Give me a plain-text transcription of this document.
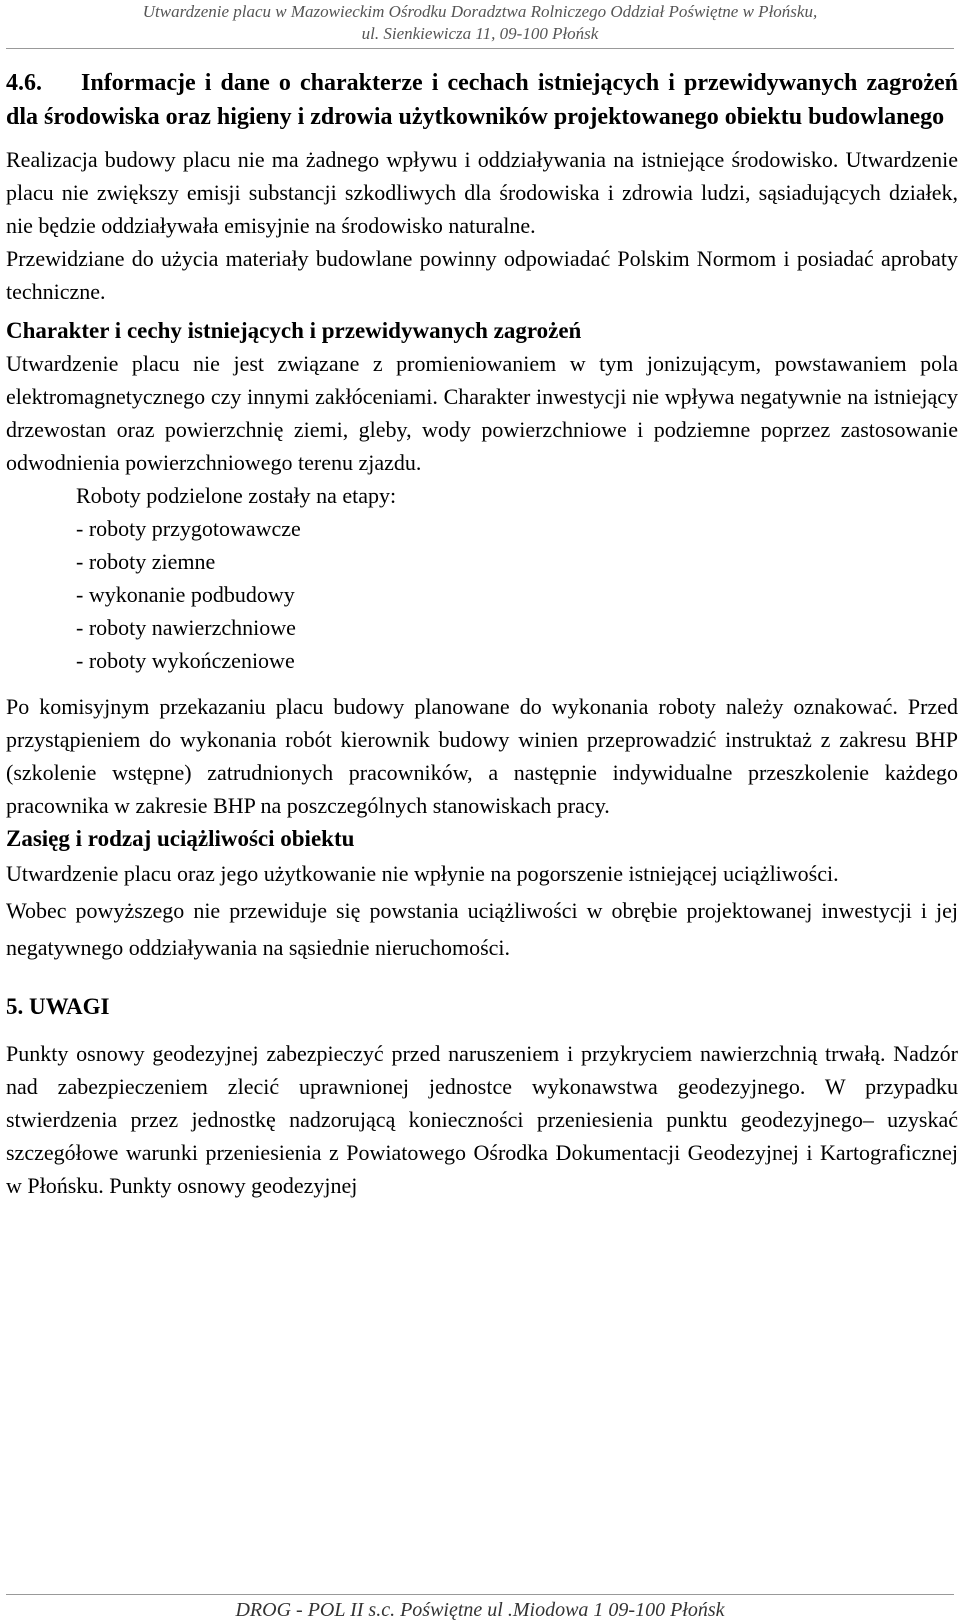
Utwardzenie placu w Mazowieckim Ośrodku Doradztwa Rolniczego Oddział Poświętne w Płońsku,
ul. Sienkiewicza 11, 09-100 Płońsk
4.6. Informacje i dane o charakterze i cechach istniejących i przewidywanych zagrożeń dla środowiska oraz higieny i zdrowia użytkowników projektowanego obiektu budowlanego

Realizacja budowy placu nie ma żadnego wpływu i oddziaływania na istniejące środowisko. Utwardzenie placu nie zwiększy emisji substancji szkodliwych dla środowiska i zdrowia ludzi, sąsiadujących działek, nie będzie oddziaływała emisyjnie na środowisko naturalne.

Przewidziane do użycia materiały budowlane powinny odpowiadać Polskim Normom i posiadać aprobaty techniczne.

Charakter i cechy istniejących i przewidywanych zagrożeń

Utwardzenie placu nie jest związane z promieniowaniem w tym jonizującym, powstawaniem pola elektromagnetycznego czy innymi zakłóceniami. Charakter inwestycji nie wpływa negatywnie na istniejący drzewostan oraz powierzchnię ziemi, gleby, wody powierzchniowe i podziemne poprzez zastosowanie odwodnienia powierzchniowego terenu zjazdu.

Roboty podzielone zostały na etapy:
- roboty przygotowawcze
- roboty ziemne
- wykonanie podbudowy
- roboty nawierzchniowe
- roboty wykończeniowe

Po komisyjnym przekazaniu placu budowy planowane do wykonania roboty należy oznakować. Przed przystąpieniem do wykonania robót kierownik budowy winien przeprowadzić instruktaż z zakresu BHP (szkolenie wstępne) zatrudnionych pracowników, a następnie indywidualne przeszkolenie każdego pracownika w zakresie BHP na poszczególnych stanowiskach pracy.

Zasięg i rodzaj uciążliwości obiektu

Utwardzenie placu oraz jego użytkowanie nie wpłynie na pogorszenie istniejącej uciążliwości.

Wobec powyższego nie przewiduje się powstania uciążliwości w obrębie projektowanej inwestycji i jej negatywnego oddziaływania na sąsiednie nieruchomości.

5. UWAGI

Punkty osnowy geodezyjnej zabezpieczyć przed naruszeniem i przykryciem nawierzchnią trwałą. Nadzór nad zabezpieczeniem zlecić uprawnionej jednostce wykonawstwa geodezyjnego. W przypadku stwierdzenia przez jednostkę nadzorującą konieczności przeniesienia punktu geodezyjnego– uzyskać szczegółowe warunki przeniesienia z Powiatowego Ośrodka Dokumentacji Geodezyjnej i Kartograficznej w Płońsku. Punkty osnowy geodezyjnej

DROG - POL II s.c. Poświętne ul .Miodowa 1 09-100 Płońsk
